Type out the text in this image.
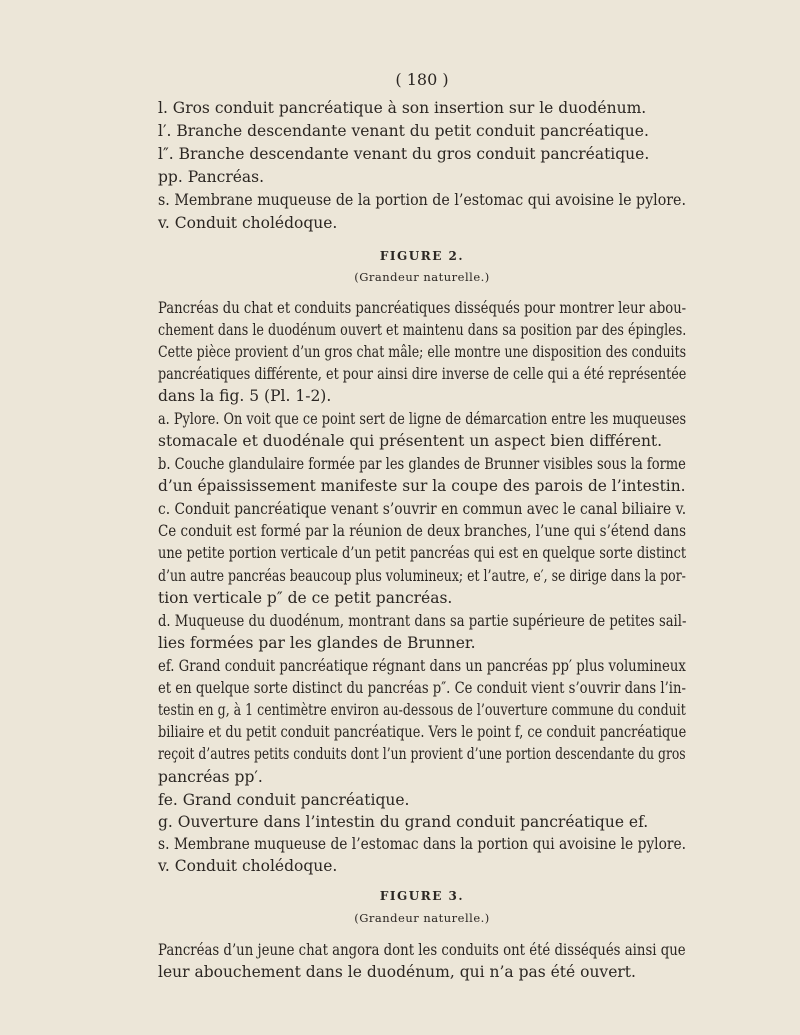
( 180 )
l. Gros conduit pancréatique à son insertion sur le duodénum.
l′. Branche descendante venant du petit conduit pancréatique.
l″. Branche descendante venant du gros conduit pancréatique.
pp. Pancréas.
s. Membrane muqueuse de la portion de l’estomac qui avoisine le pylore.
v. Conduit cholédoque.
FIGURE 2.
(Grandeur naturelle.)
Pancréas du chat et conduits pancréatiques disséqués pour montrer leur abou-
chement dans le duodénum ouvert et maintenu dans sa position par des épingles.
Cette pièce provient d’un gros chat mâle; elle montre une disposition des conduits
pancréatiques différente, et pour ainsi dire inverse de celle qui a été représentée
dans la fig. 5 (Pl. 1-2).
a. Pylore. On voit que ce point sert de ligne de démarcation entre les muqueuses
stomacale et duodénale qui présentent un aspect bien différent.
b. Couche glandulaire formée par les glandes de Brunner visibles sous la forme
d’un épaississement manifeste sur la coupe des parois de l’intestin.
c. Conduit pancréatique venant s’ouvrir en commun avec le canal biliaire v.
Ce conduit est formé par la réunion de deux branches, l’une qui s’étend dans
une petite portion verticale d’un petit pancréas qui est en quelque sorte distinct
d’un autre pancréas beaucoup plus volumineux; et l’autre, e′, se dirige dans la por-
tion verticale p″ de ce petit pancréas.
d. Muqueuse du duodénum, montrant dans sa partie supérieure de petites sail-
lies formées par les glandes de Brunner.
ef. Grand conduit pancréatique régnant dans un pancréas pp′ plus volumineux
et en quelque sorte distinct du pancréas p″. Ce conduit vient s’ouvrir dans l’in-
testin en g, à 1 centimètre environ au-dessous de l’ouverture commune du conduit
biliaire et du petit conduit pancréatique. Vers le point f, ce conduit pancréatique
reçoit d’autres petits conduits dont l’un provient d’une portion descendante du gros
pancréas pp′.
fe. Grand conduit pancréatique.
g. Ouverture dans l’intestin du grand conduit pancréatique ef.
s. Membrane muqueuse de l’estomac dans la portion qui avoisine le pylore.
v. Conduit cholédoque.
FIGURE 3.
(Grandeur naturelle.)
Pancréas d’un jeune chat angora dont les conduits ont été disséqués ainsi que
leur abouchement dans le duodénum, qui n’a pas été ouvert.
